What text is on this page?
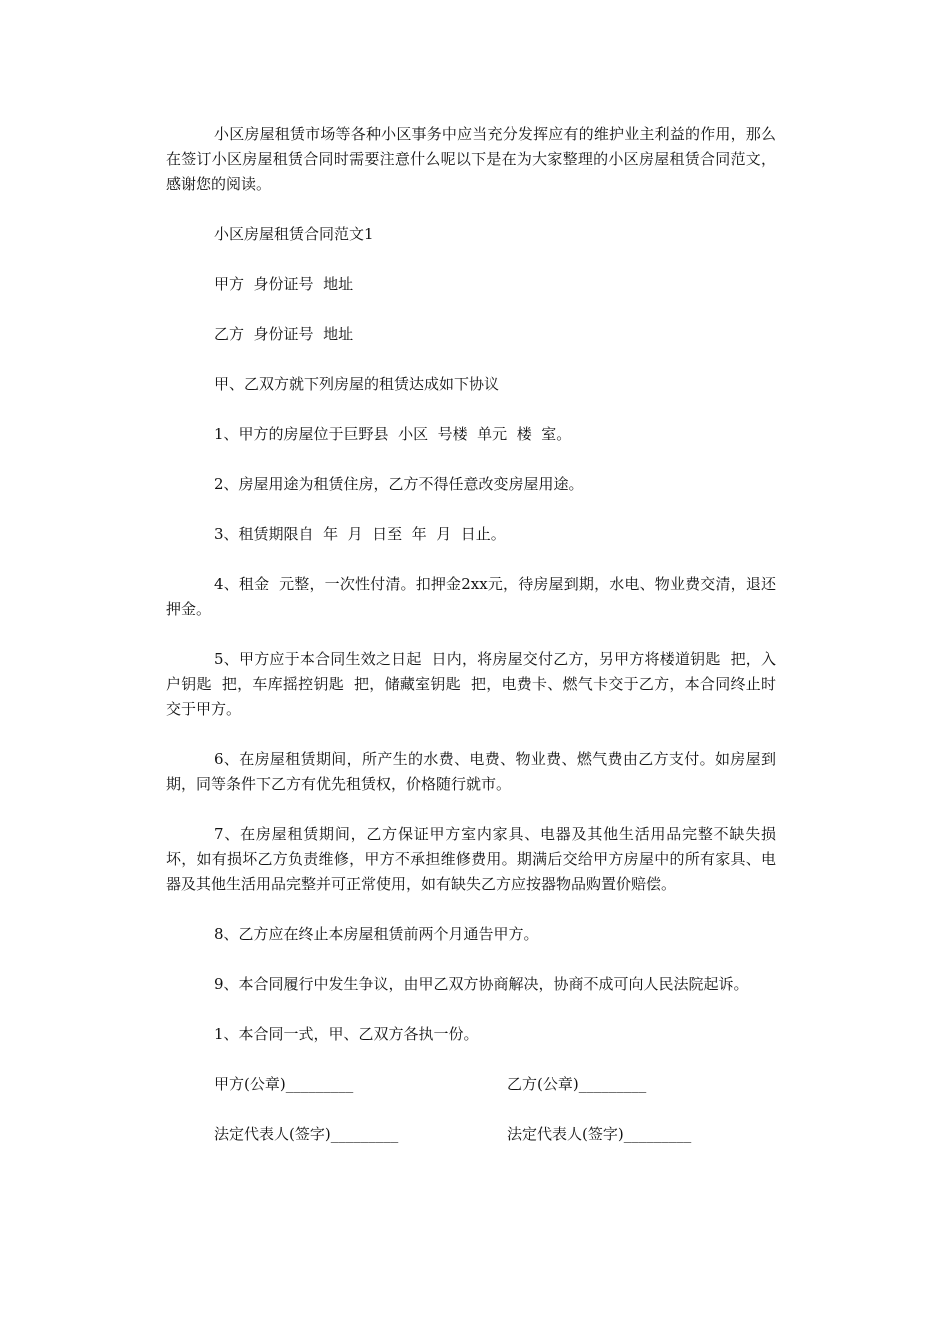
小区房屋租赁市场等各种小区事务中应当充分发挥应有的维护业主利益的作用，那么在签订小区房屋租赁合同时需要注意什么呢以下是在为大家整理的小区房屋租赁合同范文，感谢您的阅读。

小区房屋租赁合同范文1

甲方  身份证号  地址

乙方  身份证号  地址

甲、乙双方就下列房屋的租赁达成如下协议

1、甲方的房屋位于巨野县  小区  号楼  单元  楼  室。

2、房屋用途为租赁住房，乙方不得任意改变房屋用途。

3、租赁期限自  年  月  日至  年  月  日止。

4、租金  元整，一次性付清。扣押金2xx元，待房屋到期，水电、物业费交清，退还押金。

5、甲方应于本合同生效之日起  日内，将房屋交付乙方，另甲方将楼道钥匙  把，入户钥匙  把，车库摇控钥匙  把，储藏室钥匙  把，电费卡、燃气卡交于乙方，本合同终止时交于甲方。

6、在房屋租赁期间，所产生的水费、电费、物业费、燃气费由乙方支付。如房屋到期，同等条件下乙方有优先租赁权，价格随行就市。

7、在房屋租赁期间，乙方保证甲方室内家具、电器及其他生活用品完整不缺失损坏，如有损坏乙方负责维修，甲方不承担维修费用。期满后交给甲方房屋中的所有家具、电器及其他生活用品完整并可正常使用，如有缺失乙方应按器物品购置价赔偿。

8、乙方应在终止本房屋租赁前两个月通告甲方。

9、本合同履行中发生争议，由甲乙双方协商解决，协商不成可向人民法院起诉。

1、本合同一式，甲、乙双方各执一份。

甲方(公章)_________	乙方(公章)_________
法定代表人(签字)_________	法定代表人(签字)_________
